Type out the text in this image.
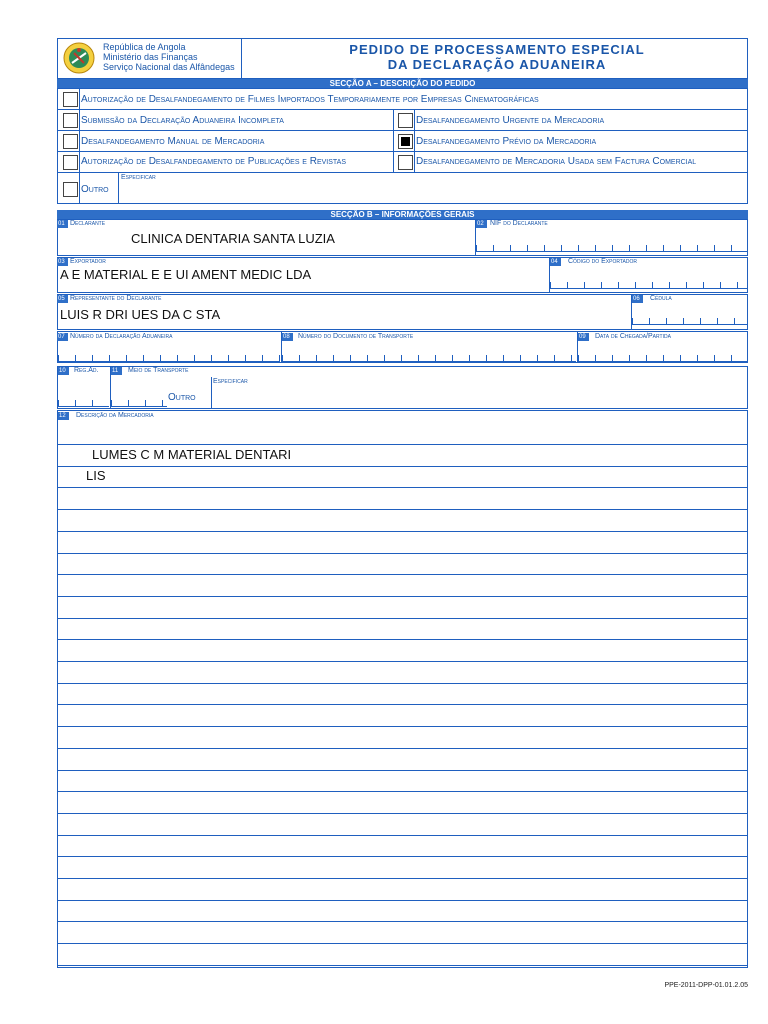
República de Angola
Ministério das Finanças
Serviço Nacional das Alfândegas
PEDIDO DE PROCESSAMENTO ESPECIAL
DA DECLARAÇÃO ADUANEIRA
SECÇÃO A – DESCRIÇÃO DO PEDIDO
Autorização de Desalfandegamento de Filmes Importados Temporariamente por Empresas Cinematográficas
Submissão da Declaração Aduaneira Incompleta	Desalfandegamento Urgente da Mercadoria
Desalfandegamento Manual de Mercadoria	Desalfandegamento Prévio da Mercadoria
Autorização de Desalfandegamento de Publicações e Revistas	Desalfandegamento de Mercadoria Usada sem Factura Comercial
Outro
Especificar
SECÇÃO B – INFORMAÇÕES GERAIS
01 Declarante
CLINICA DENTARIA SANTA LUZIA
02 NIF do Declarante
03 Exportador
A E MATERIAL E E UI AMENT MEDIC LDA
04	Código do Exportador
05 Representante do Declarante
LUIS R DRI UES DA C STA
06	Cédula
07 Número da Declaração Aduaneira	08	Número do Documento de Transporte	09	Data de Chegada/Partida
10	Reg.Ad. 11	Meio de Transporte
Outro
Especificar
12	Descrição da Mercadoria
LUMES C M MATERIAL DENTARI
LIS
PPE-2011-DPP-01.01.2.05
